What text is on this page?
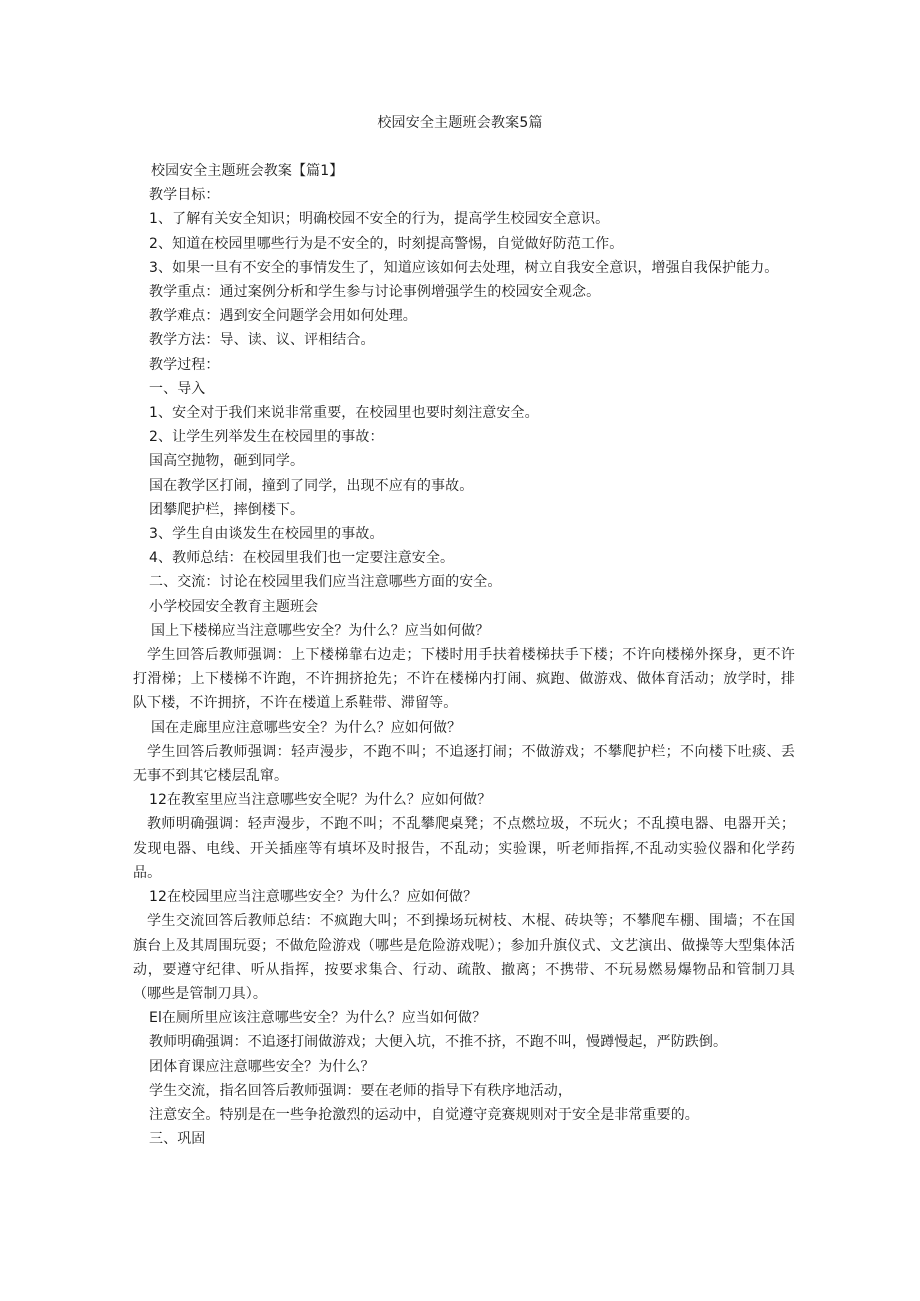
校园安全主题班会教案5篇
校园安全主题班会教案【篇1】
教学目标：
1、了解有关安全知识；明确校园不安全的行为，提高学生校园安全意识。
2、知道在校园里哪些行为是不安全的，时刻提高警惕，自觉做好防范工作。
3、如果一旦有不安全的事情发生了，知道应该如何去处理，树立自我安全意识，增强自我保护能力。
教学重点：通过案例分析和学生参与讨论事例增强学生的校园安全观念。
教学难点：遇到安全问题学会用如何处理。
教学方法：导、读、议、评相结合。
教学过程：
一、导入
1、安全对于我们来说非常重要，在校园里也要时刻注意安全。
2、让学生列举发生在校园里的事故：
国高空抛物，砸到同学。
国在教学区打闹，撞到了同学，出现不应有的事故。
团攀爬护栏，摔倒楼下。
3、学生自由谈发生在校园里的事故。
4、教师总结：在校园里我们也一定要注意安全。
二、交流：讨论在校园里我们应当注意哪些方面的安全。
小学校园安全教育主题班会
国上下楼梯应当注意哪些安全？为什么？应当如何做？
学生回答后教师强调：上下楼梯靠右边走；下楼时用手扶着楼梯扶手下楼；不许向楼梯外探身，更不许打滑梯；上下楼梯不许跑，不许拥挤抢先；不许在楼梯内打闹、疯跑、做游戏、做体育活动；放学时，排队下楼，不许拥挤，不许在楼道上系鞋带、滞留等。
国在走廊里应注意哪些安全？为什么？应如何做？
学生回答后教师强调：轻声漫步，不跑不叫；不追逐打闹；不做游戏；不攀爬护栏；不向楼下吐痰、丢无事不到其它楼层乱窜。
12在教室里应当注意哪些安全呢？为什么？应如何做？
教师明确强调：轻声漫步，不跑不叫；不乱攀爬桌凳；不点燃垃圾，不玩火；不乱摸电器、电器开关；发现电器、电线、开关插座等有填坏及时报告，不乱动；实验课，听老师指挥,不乱动实验仪器和化学药品。
12在校园里应当注意哪些安全？为什么？应如何做？
学生交流回答后教师总结：不疯跑大叫；不到操场玩树枝、木棍、砖块等；不攀爬车棚、围墙；不在国旗台上及其周围玩耍；不做危险游戏（哪些是危险游戏呢）；参加升旗仪式、文艺演出、做操等大型集体活动，要遵守纪律、听从指挥，按要求集合、行动、疏散、撤离；不携带、不玩易燃易爆物品和管制刀具（哪些是管制刀具）。
El在厕所里应该注意哪些安全？为什么？应当如何做？
教师明确强调：不追逐打闹做游戏；大便入坑，不推不挤，不跑不叫，慢蹲慢起，严防跌倒。
团体育课应注意哪些安全？为什么？
学生交流，指名回答后教师强调：要在老师的指导下有秩序地活动，
注意安全。特别是在一些争抢激烈的运动中，自觉遵守竞赛规则对于安全是非常重要的。
三、巩固
